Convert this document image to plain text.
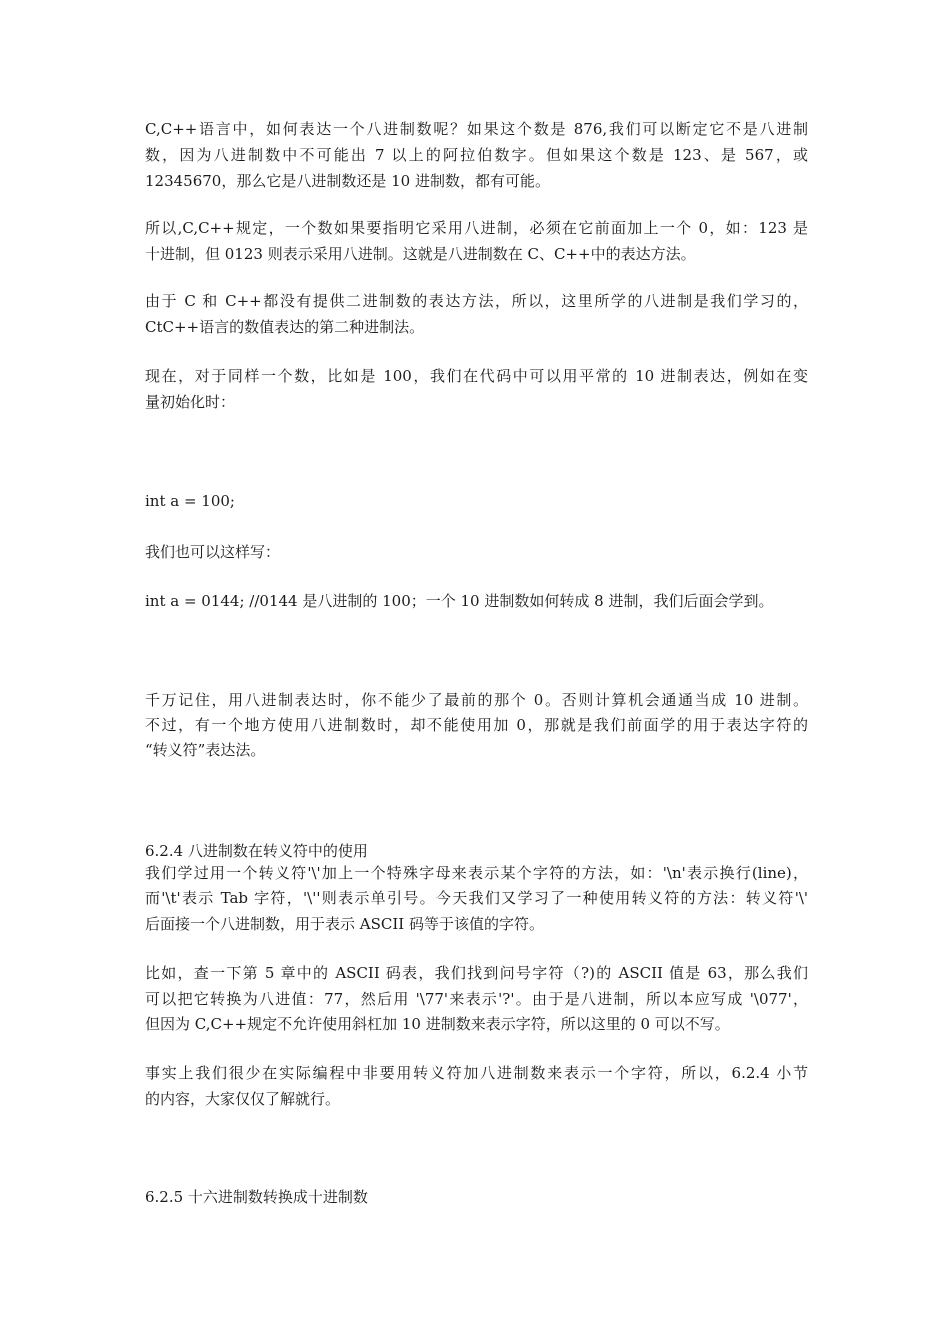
C,C++语言中，如何表达一个八进制数呢？如果这个数是 876,我们可以断定它不是八进制
数，因为八进制数中不可能出 7 以上的阿拉伯数字。但如果这个数是 123、是 567，或
12345670，那么它是八进制数还是 10 进制数，都有可能。
所以,C,C++规定，一个数如果要指明它采用八进制，必须在它前面加上一个 0，如：123 是
十进制，但 0123 则表示采用八进制。这就是八进制数在 C、C++中的表达方法。
由于 C 和 C++都没有提供二进制数的表达方法，所以，这里所学的八进制是我们学习的，
CtC++语言的数值表达的第二种进制法。
现在，对于同样一个数，比如是 100，我们在代码中可以用平常的 10 进制表达，例如在变
量初始化时：
int a = 100;
我们也可以这样写：
int a = 0144; //0144 是八进制的 100；一个 10 进制数如何转成 8 进制，我们后面会学到。
千万记住，用八进制表达时，你不能少了最前的那个 0。否则计算机会通通当成 10 进制。
不过，有一个地方使用八进制数时，却不能使用加 0，那就是我们前面学的用于表达字符的
“转义符”表达法。
6.2.4 八进制数在转义符中的使用
我们学过用一个转义符'\'加上一个特殊字母来表示某个字符的方法，如：'\n'表示换行(line)，
而'\t'表示 Tab 字符，'\''则表示单引号。今天我们又学习了一种使用转义符的方法：转义符'\'
后面接一个八进制数，用于表示 ASCII 码等于该值的字符。
比如，查一下第 5 章中的 ASCII 码表，我们找到问号字符（?)的 ASCII 值是 63，那么我们
可以把它转换为八进值：77，然后用 '\77'来表示'?'。由于是八进制，所以本应写成 '\077'，
但因为 C,C++规定不允许使用斜杠加 10 进制数来表示字符，所以这里的 0 可以不写。
事实上我们很少在实际编程中非要用转义符加八进制数来表示一个字符，所以，6.2.4 小节
的内容，大家仅仅了解就行。
6.2.5 十六进制数转换成十进制数
